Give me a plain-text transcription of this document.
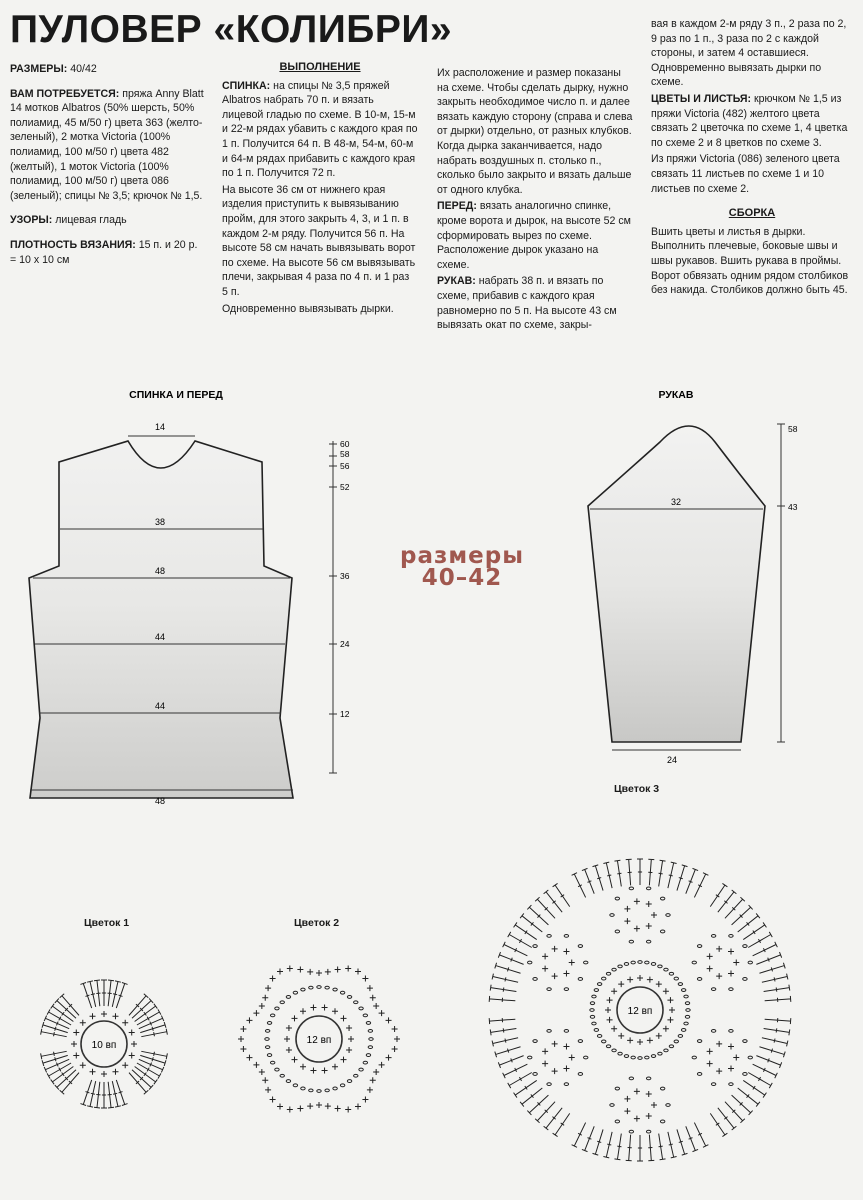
ПУЛОВЕР «КОЛИБРИ»

РАЗМЕРЫ: 40/42

ВАМ ПОТРЕБУЕТСЯ: пряжа Anny Blatt 14 мотков Albatros (50% шерсть, 50% полиамид, 45 м/50 г) цвета 363 (желто-зеленый), 2 мотка Victoria (100% полиамид, 100 м/50 г) цвета 482 (желтый), 1 моток Victoria (100% полиамид, 100 м/50 г) цвета 086 (зеленый); спицы № 3,5; крючок № 1,5.

УЗОРЫ: лицевая гладь

ПЛОТНОСТЬ ВЯЗАНИЯ: 15 п. и 20 р. = 10 х 10 см

ВЫПОЛНЕНИЕ

СПИНКА: на спицы № 3,5 пряжей Albatros набрать 70 п. и вязать лицевой гладью по схеме. В 10-м, 15-м и 22-м рядах убавить с каждого края по 1 п. Получится 64 п. В 48-м, 54-м, 60-м и 64-м рядах прибавить с каждого края по 1 п. Получится 72 п.

На высоте 36 см от нижнего края изделия приступить к вывязыванию пройм, для этого закрыть 4, 3, и 1 п. в каждом 2-м ряду. Получится 56 п. На высоте 58 см начать вывязывать ворот по схеме. На высоте 56 см вывязывать плечи, закрывая 4 раза по 4 п. и 1 раз 5 п.

Одновременно вывязывать дырки.

Их расположение и размер показаны на схеме. Чтобы сделать дырку, нужно закрыть необходимое число п. и далее вязать каждую сторону (справа и слева от дырки) отдельно, от разных клубков. Когда дырка заканчивается, надо набрать воздушных п. столько п., сколько было закрыто и вязать дальше от одного клубка.

ПЕРЕД: вязать аналогично спинке, кроме ворота и дырок, на высоте 52 см сформировать вырез по схеме. Расположение дырок указано на схеме.

РУКАВ: набрать 38 п. и вязать по схеме, прибавив с каждого края равномерно по 5 п. На высоте 43 см вывязать окат по схеме, закры-

вая в каждом 2-м ряду 3 п., 2 раза по 2, 9 раз по 1 п., 3 раза по 2 с каждой стороны, и затем 4 оставшиеся. Одновременно вывязать дырки по схеме.

ЦВЕТЫ И ЛИСТЬЯ: крючком № 1,5 из пряжи Victoria (482) желтого цвета связать 2 цветочка по схеме 1, 4 цветка по схеме 2 и 8 цветков по схеме 3.

Из пряжи Victoria (086) зеленого цвета связать 11 листьев по схеме 1 и 10 листьев по схеме 2.

СБОРКА

Вшить цветы и листья в дырки. Выполнить плечевые, боковые швы и швы рукавов. Вшить рукава в проймы. Ворот обвязать одним рядом столбиков без накида. Столбиков должно быть 45.

СПИНКА И ПЕРЕД	РУКАВ
14
38
48
44
44
48
60
58
56
52
36
24
12
32
24
58
43
размеры
40–42
Цветок 1	Цветок 2
Цветок 3
10 вп	12 вп
12 вп
